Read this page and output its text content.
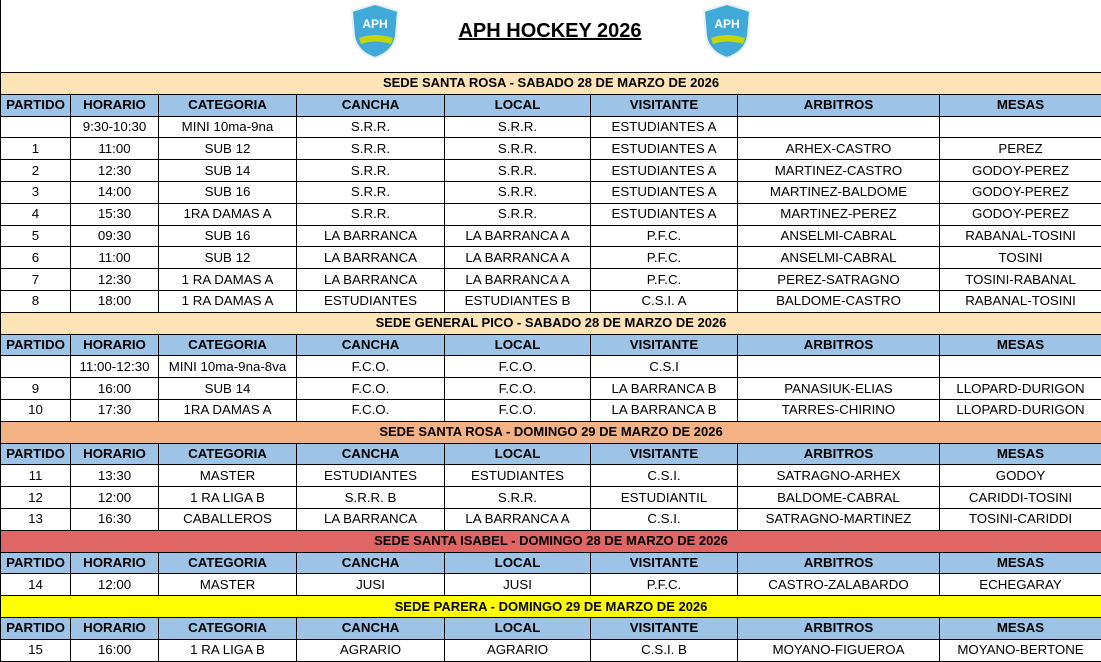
APH	APH HOCKEY 2026	APH
SEDE SANTA ROSA - SABADO 28 DE MARZO DE 2026							
PARTIDO	HORARIO	CATEGORIA	CANCHA	LOCAL	VISITANTE	ARBITROS	MESAS
	9:30-10:30	MINI 10ma-9na	S.R.R.	S.R.R.	ESTUDIANTES A		
1	11:00	SUB 12	S.R.R.	S.R.R.	ESTUDIANTES A	ARHEX-CASTRO	PEREZ
2	12:30	SUB 14	S.R.R.	S.R.R.	ESTUDIANTES A	MARTINEZ-CASTRO	GODOY-PEREZ
3	14:00	SUB 16	S.R.R.	S.R.R.	ESTUDIANTES A	MARTINEZ-BALDOME	GODOY-PEREZ
4	15:30	1RA DAMAS A	S.R.R.	S.R.R.	ESTUDIANTES A	MARTINEZ-PEREZ	GODOY-PEREZ
5	09:30	SUB 16	LA BARRANCA	LA BARRANCA A	P.F.C.	ANSELMI-CABRAL	RABANAL-TOSINI
6	11:00	SUB 12	LA BARRANCA	LA BARRANCA A	P.F.C.	ANSELMI-CABRAL	TOSINI
7	12:30	1 RA DAMAS A	LA BARRANCA	LA BARRANCA A	P.F.C.	PEREZ-SATRAGNO	TOSINI-RABANAL
8	18:00	1 RA DAMAS A	ESTUDIANTES	ESTUDIANTES B	C.S.I. A	BALDOME-CASTRO	RABANAL-TOSINI
SEDE GENERAL PICO - SABADO 28 DE MARZO DE 2026							
PARTIDO	HORARIO	CATEGORIA	CANCHA	LOCAL	VISITANTE	ARBITROS	MESAS
	11:00-12:30	MINI 10ma-9na-8va	F.C.O.	F.C.O.	C.S.I		
9	16:00	SUB 14	F.C.O.	F.C.O.	LA BARRANCA B	PANASIUK-ELIAS	LLOPARD-DURIGON
10	17:30	1RA DAMAS A	F.C.O.	F.C.O.	LA BARRANCA B	TARRES-CHIRINO	LLOPARD-DURIGON
SEDE SANTA ROSA - DOMINGO 29 DE MARZO DE 2026							
PARTIDO	HORARIO	CATEGORIA	CANCHA	LOCAL	VISITANTE	ARBITROS	MESAS
11	13:30	MASTER	ESTUDIANTES	ESTUDIANTES	C.S.I.	SATRAGNO-ARHEX	GODOY
12	12:00	1 RA LIGA B	S.R.R. B	S.R.R.	ESTUDIANTIL	BALDOME-CABRAL	CARIDDI-TOSINI
13	16:30	CABALLEROS	LA BARRANCA	LA BARRANCA A	C.S.I.	SATRAGNO-MARTINEZ	TOSINI-CARIDDI
SEDE SANTA ISABEL - DOMINGO 28 DE MARZO DE 2026							
PARTIDO	HORARIO	CATEGORIA	CANCHA	LOCAL	VISITANTE	ARBITROS	MESAS
14	12:00	MASTER	JUSI	JUSI	P.F.C.	CASTRO-ZALABARDO	ECHEGARAY
SEDE PARERA - DOMINGO 29 DE MARZO DE 2026							
PARTIDO	HORARIO	CATEGORIA	CANCHA	LOCAL	VISITANTE	ARBITROS	MESAS
15	16:00	1 RA LIGA B	AGRARIO	AGRARIO	C.S.I. B	MOYANO-FIGUEROA	MOYANO-BERTONE
